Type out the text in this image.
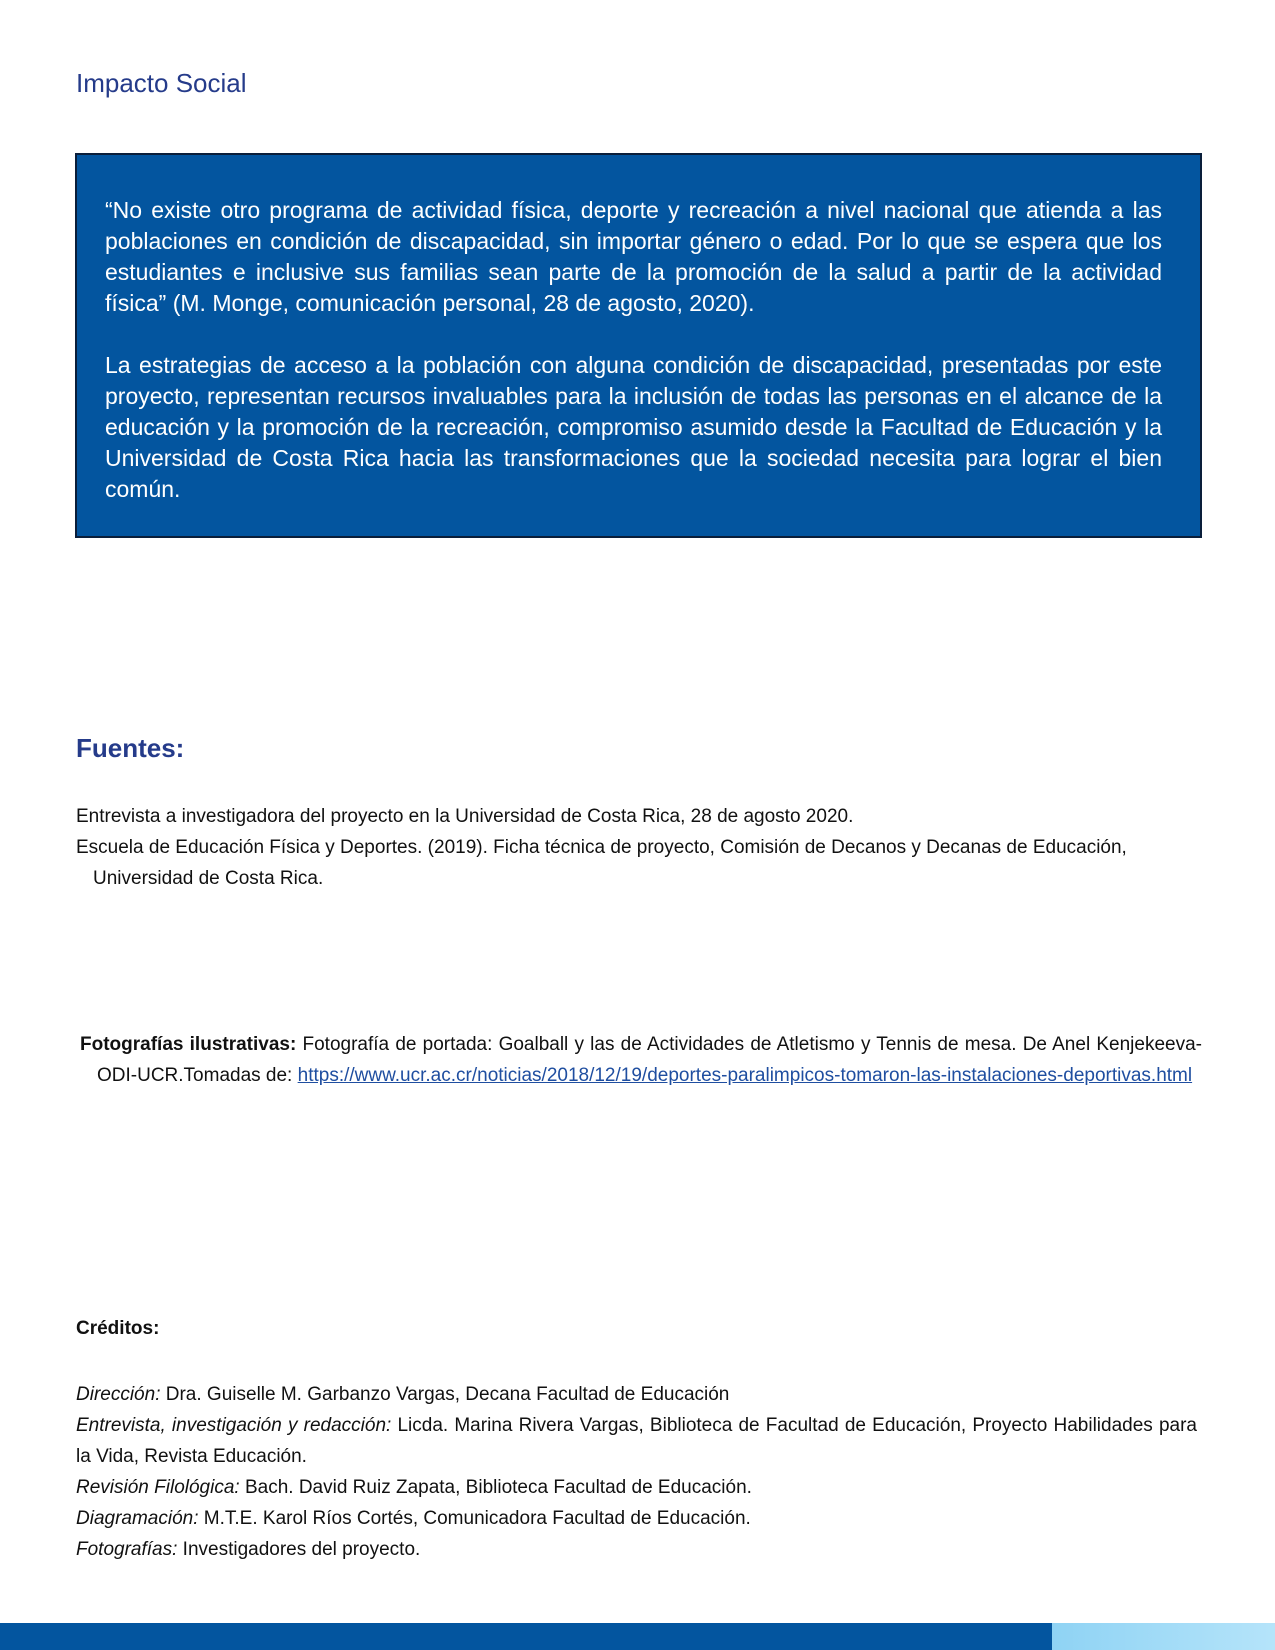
Impacto Social

“No existe otro programa de actividad física, deporte y recreación a nivel nacional que atienda a las poblaciones en condición de discapacidad, sin importar género o edad. Por lo que se espera que los estudiantes e inclusive sus familias sean parte de la promoción de la salud a partir de la actividad física” (M. Monge, comunicación personal, 28 de agosto, 2020).

La estrategias de acceso a la población con alguna condición de discapacidad, presentadas por este proyecto, representan recursos invaluables para la inclusión de todas las personas en el alcance de la educación y la promoción de la recreación, compromiso asumido desde la Facultad de Educación y la Universidad de Costa Rica hacia las transformaciones que la sociedad necesita para lograr el bien común.

Fuentes:

Entrevista a investigadora del proyecto en la Universidad de Costa Rica, 28 de agosto 2020.

Escuela de Educación Física y Deportes. (2019). Ficha técnica de proyecto, Comisión de Decanos y Decanas de Educación, Universidad de Costa Rica.

Fotografías ilustrativas: Fotografía de portada: Goalball y las de Actividades de Atletismo y Tennis de mesa. De Anel Kenjekeeva-ODI-UCR.Tomadas de: https://www.ucr.ac.cr/noticias/2018/12/19/deportes-paralimpicos-tomaron-las-instalaciones-deportivas.html

Créditos:

Dirección: Dra. Guiselle M. Garbanzo Vargas, Decana Facultad de Educación

Entrevista, investigación y redacción: Licda. Marina Rivera Vargas, Biblioteca de Facultad de Educación, Proyecto Habilidades para la Vida, Revista Educación.

Revisión Filológica: Bach. David Ruiz Zapata, Biblioteca Facultad de Educación.

Diagramación: M.T.E. Karol Ríos Cortés, Comunicadora Facultad de Educación.

Fotografías: Investigadores del proyecto.
